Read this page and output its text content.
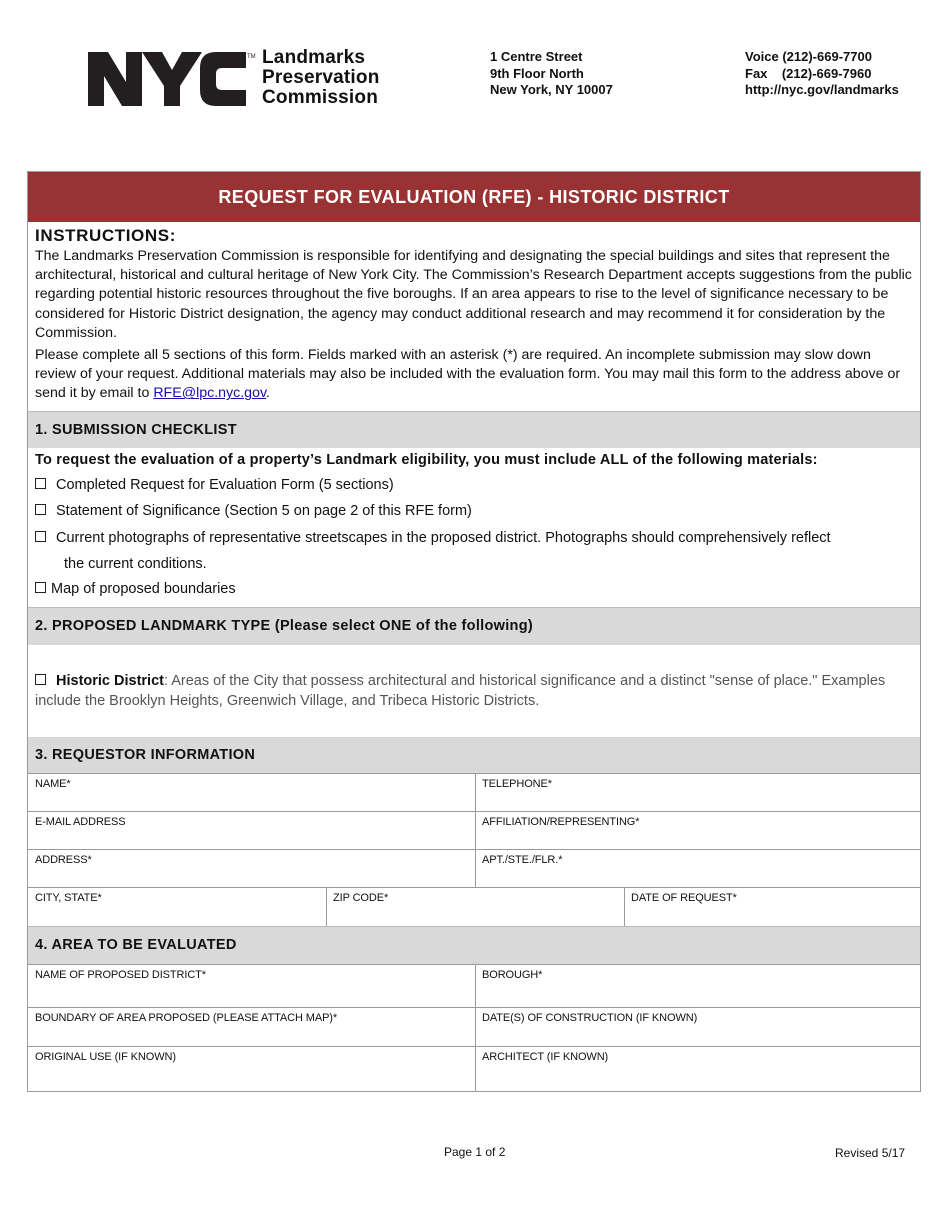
TM Landmarks
Preservation
Commission
1 Centre Street
9th Floor North
New York, NY 10007
Voice (212)-669-7700
Fax    (212)-669-7960
http://nyc.gov/landmarks
REQUEST FOR EVALUATION (RFE) - HISTORIC DISTRICT
INSTRUCTIONS:
The Landmarks Preservation Commission is responsible for identifying and designating the special buildings and sites that represent the architectural, historical and cultural heritage of New York City. The Commission’s Research Department accepts suggestions from the public regarding potential historic resources throughout the five boroughs. If an area appears to rise to the level of significance necessary to be considered for Historic District designation, the agency may conduct additional research and may recommend it for consideration by the Commission.
Please complete all 5 sections of this form. Fields marked with an asterisk (*) are required. An incomplete submission may slow down review of your request. Additional materials may also be included with the evaluation form. You may mail this form to the address above or send it by email to RFE@lpc.nyc.gov.
1. SUBMISSION CHECKLIST
To request the evaluation of a property’s Landmark eligibility, you must include ALL of the following materials:
Completed Request for Evaluation Form (5 sections)
Statement of Significance (Section 5 on page 2 of this RFE form)
Current photographs of representative streetscapes in the proposed district. Photographs should comprehensively reflect
the current conditions.
Map of proposed boundaries
2. PROPOSED LANDMARK TYPE (Please select ONE of the following)
Historic District: Areas of the City that possess architectural and historical significance and a distinct "sense of place." Examples include the Brooklyn Heights, Greenwich Village, and Tribeca Historic Districts.
3. REQUESTOR INFORMATION
NAME*	TELEPHONE*
E-MAIL ADDRESS	AFFILIATION/REPRESENTING*
ADDRESS*	APT./STE./FLR.*
CITY, STATE*	ZIP CODE*	DATE OF REQUEST*
4. AREA TO BE EVALUATED
NAME OF PROPOSED DISTRICT*	BOROUGH*
BOUNDARY OF AREA PROPOSED (PLEASE ATTACH MAP)*	DATE(S) OF CONSTRUCTION (IF KNOWN)
ORIGINAL USE (IF KNOWN)	ARCHITECT (IF KNOWN)
Page 1 of 2	Revised 5/17
